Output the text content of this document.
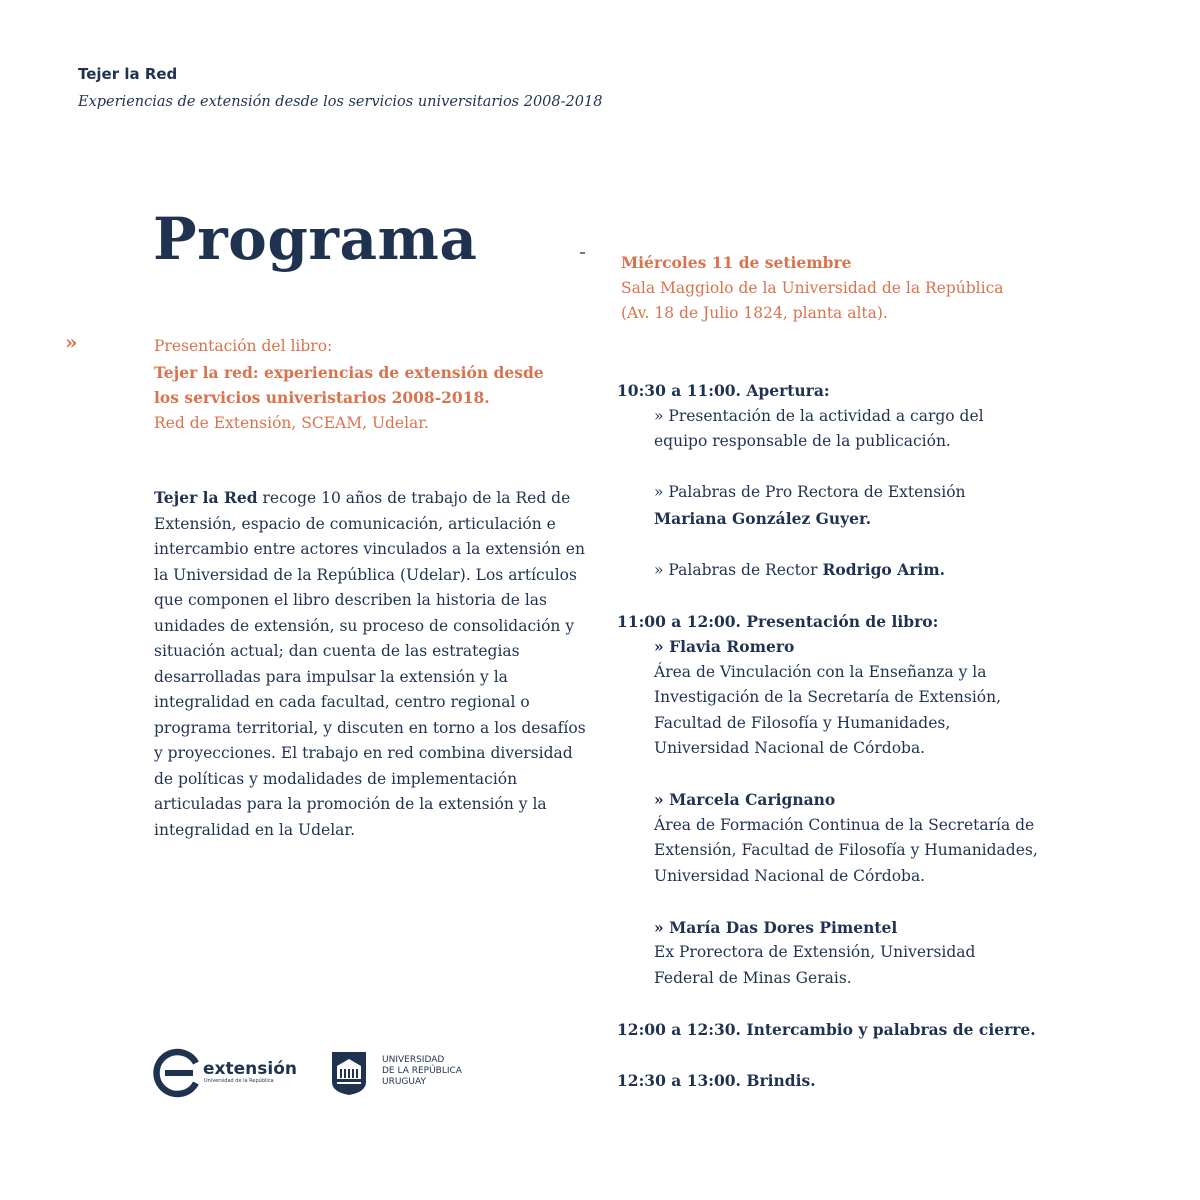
Tejer la Red
Experiencias de extensión desde los servicios universitarios 2008-2018
Programa
»	Presentación del libro:
Tejer la red: experiencias de extensión desde
los servicios univeristarios 2008-2018.
Red de Extensión, SCEAM, Udelar.
Tejer la Red recoge 10 años de trabajo de la Red de Extensión, espacio de comunicación, articulación e intercambio entre actores vinculados a la extensión en la Universidad de la República (Udelar). Los artículos que componen el libro describen la historia de las unidades de extensión, su proceso de consolidación y situación actual; dan cuenta de las estrategias desarrolladas para impulsar la extensión y la integralidad en cada facultad, centro regional o programa territorial, y discuten en torno a los desafíos y proyecciones. El trabajo en red combina diversidad de políticas y modalidades de implementación articuladas para la promoción de la extensión y la integralidad en la Udelar.
Miércoles 11 de setiembre
Sala Maggiolo de la Universidad de la República
(Av. 18 de Julio 1824, planta alta).
10:30 a 11:00. Apertura:
» Presentación de la actividad a cargo del
equipo responsable de la publicación.
» Palabras de Pro Rectora de Extensión
Mariana González Guyer.
» Palabras de Rector Rodrigo Arim.
11:00 a 12:00. Presentación de libro:
» Flavia Romero
Área de Vinculación con la Enseñanza y la
Investigación de la Secretaría de Extensión,
Facultad de Filosofía y Humanidades,
Universidad Nacional de Córdoba.
» Marcela Carignano
Área de Formación Continua de la Secretaría de
Extensión, Facultad de Filosofía y Humanidades,
Universidad Nacional de Córdoba.
» María Das Dores Pimentel
Ex Prorectora de Extensión, Universidad
Federal de Minas Gerais.
12:00 a 12:30. Intercambio y palabras de cierre.
12:30 a 13:00. Brindis.
extensión
Universidad de la República
UNIVERSIDAD
DE LA REPÚBLICA
URUGUAY
